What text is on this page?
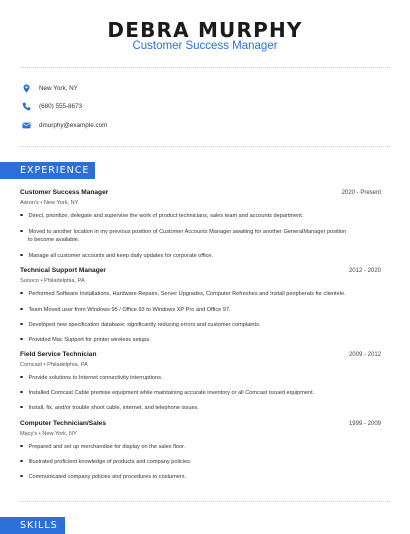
DEBRA MURPHY
Customer Success Manager
New York, NY
(680) 555-8673
dmurphy@example.com
EXPERIENCE
Customer Success Manager	2020 - Present
Aaron's • New York, NY
Direct, prioritize, delegate and supervise the work of product technicians, sales team and accounts department.
Moved to another location in my previous position of Customer Accounts Manager awaiting for another GeneralManager position
to become available.
Manage all customer accounts and keep daily updates for corporate office.
Technical Support Manager	2012 - 2020
Sunoco • Philadelphia, PA
Performed Software Installations, Hardware Repairs, Server Upgrades, Computer Refreshes and Install peripherals for clientele.
Team Moved user from Windows 95 / Office 93 to Windows XP Pro and Office 97.
Developed new specification database; significantly reducing errors and customer complaints.
Provided Mac Support for printer wireless setups.
Field Service Technician	2009 - 2012
Comcast • Philadelphia, PA
Provide solutions to Internet connectivity interruptions.
Installed Comcast Cable premise equipment while maintaining accurate inventory or all Comcast issued equipment.
Install, fix, and/or trouble shoot cable, internet, and telephone issues.
Computer Technician/Sales	1999 - 2009
Macy's • New York, NY
Prepared and set up merchandise for display on the sales floor.
Illustrated proficient knowledge of products and company policies.
Communicated company policies and procedures to costumers.
SKILLS
